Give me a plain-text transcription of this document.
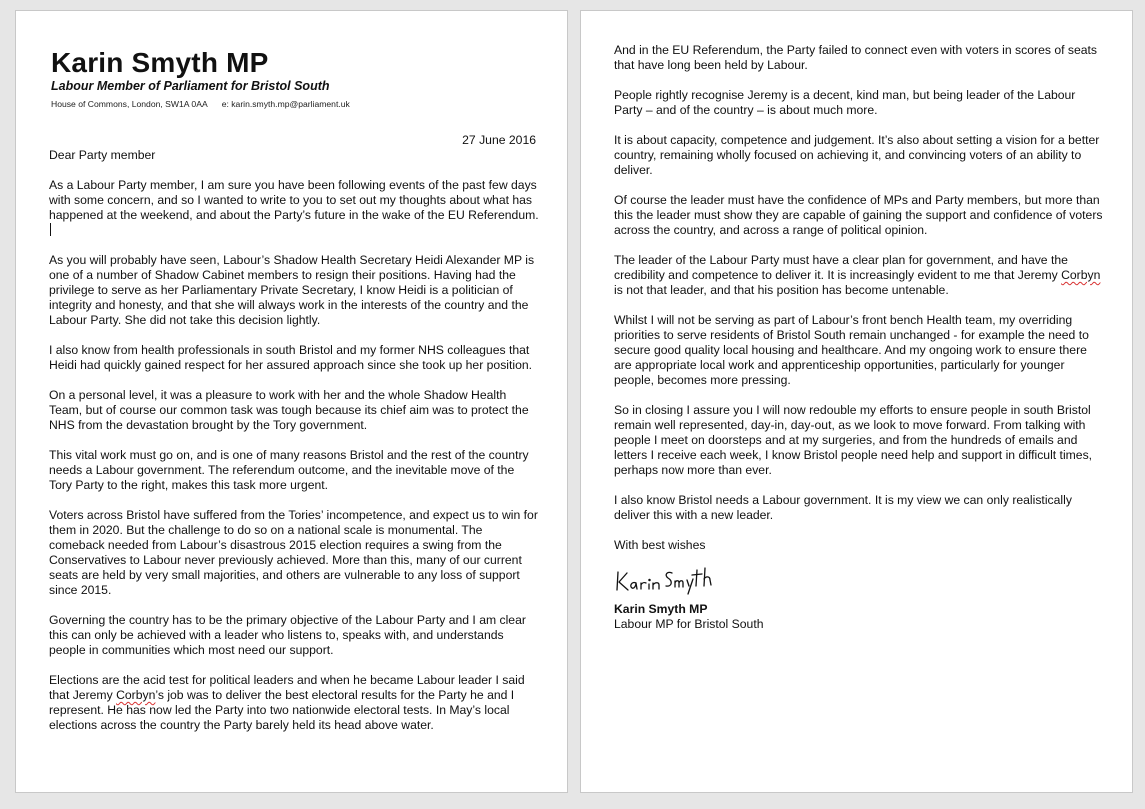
Karin Smyth MP
Labour Member of Parliament for Bristol South
House of Commons, London, SW1A 0AA e: karin.smyth.mp@parliament.uk
27 June 2016

Dear Party member

As a Labour Party member, I am sure you have been following events of the past few days with some concern, and so I wanted to write to you to set out my thoughts about what has happened at the weekend, and about the Party’s future in the wake of the EU Referendum.

As you will probably have seen, Labour’s Shadow Health Secretary Heidi Alexander MP is one of a number of Shadow Cabinet members to resign their positions. Having had the privilege to serve as her Parliamentary Private Secretary, I know Heidi is a politician of integrity and honesty, and that she will always work in the interests of the country and the Labour Party. She did not take this decision lightly.

I also know from health professionals in south Bristol and my former NHS colleagues that Heidi had quickly gained respect for her assured approach since she took up her position.

On a personal level, it was a pleasure to work with her and the whole Shadow Health Team, but of course our common task was tough because its chief aim was to protect the NHS from the devastation brought by the Tory government.

This vital work must go on, and is one of many reasons Bristol and the rest of the country needs a Labour government. The referendum outcome, and the inevitable move of the Tory Party to the right, makes this task more urgent.

Voters across Bristol have suffered from the Tories’ incompetence, and expect us to win for them in 2020. But the challenge to do so on a national scale is monumental. The comeback needed from Labour’s disastrous 2015 election requires a swing from the Conservatives to Labour never previously achieved. More than this, many of our current seats are held by very small majorities, and others are vulnerable to any loss of support since 2015.

Governing the country has to be the primary objective of the Labour Party and I am clear this can only be achieved with a leader who listens to, speaks with, and understands people in communities which most need our support.

Elections are the acid test for political leaders and when he became Labour leader I said that Jeremy Corbyn’s job was to deliver the best electoral results for the Party he and I represent. He has now led the Party into two nationwide electoral tests. In May’s local elections across the country the Party barely held its head above water.

And in the EU Referendum, the Party failed to connect even with voters in scores of seats that have long been held by Labour.

People rightly recognise Jeremy is a decent, kind man, but being leader of the Labour Party – and of the country – is about much more.

It is about capacity, competence and judgement. It’s also about setting a vision for a better country, remaining wholly focused on achieving it, and convincing voters of an ability to deliver.

Of course the leader must have the confidence of MPs and Party members, but more than this the leader must show they are capable of gaining the support and confidence of voters across the country, and across a range of political opinion.

The leader of the Labour Party must have a clear plan for government, and have the credibility and competence to deliver it. It is increasingly evident to me that Jeremy Corbyn is not that leader, and that his position has become untenable.

Whilst I will not be serving as part of Labour’s front bench Health team, my overriding priorities to serve residents of Bristol South remain unchanged - for example the need to secure good quality local housing and healthcare. And my ongoing work to ensure there are appropriate local work and apprenticeship opportunities, particularly for younger people, becomes more pressing.

So in closing I assure you I will now redouble my efforts to ensure people in south Bristol remain well represented, day-in, day-out, as we look to move forward. From talking with people I meet on doorsteps and at my surgeries, and from the hundreds of emails and letters I receive each week, I know Bristol people need help and support in difficult times, perhaps now more than ever.

I also know Bristol needs a Labour government. It is my view we can only realistically deliver this with a new leader.

With best wishes

Karin Smyth MP
Labour MP for Bristol South
